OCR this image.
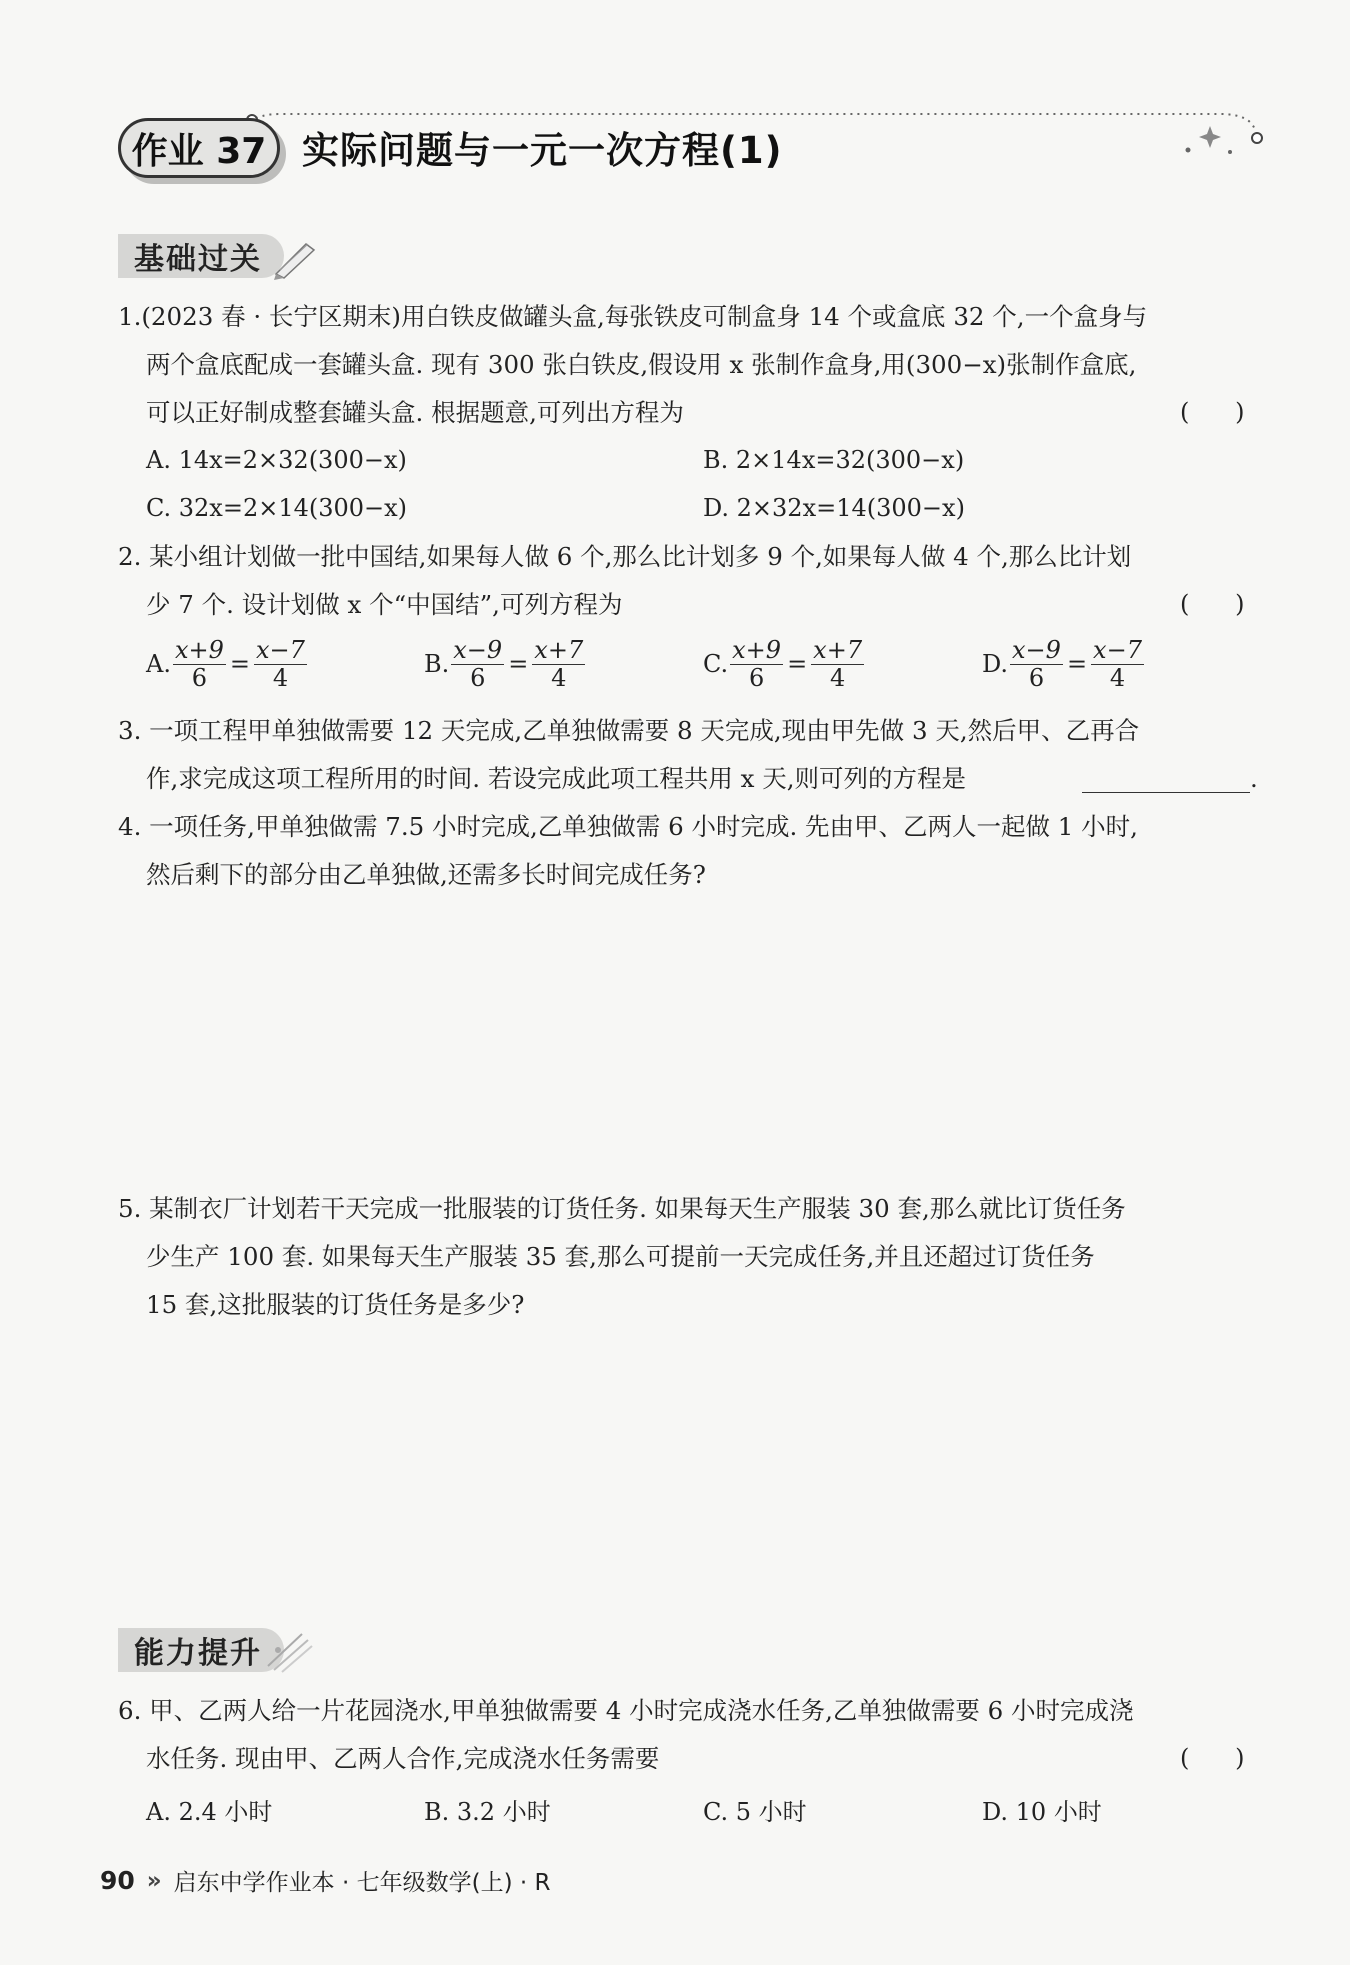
作业 37 实际问题与一元一次方程(1)
基础过关
1.(2023 春 · 长宁区期末)用白铁皮做罐头盒,每张铁皮可制盒身 14 个或盒底 32 个,一个盒身与
两个盒底配成一套罐头盒. 现有 300 张白铁皮,假设用 x 张制作盒身,用(300−x)张制作盒底,
可以正好制成整套罐头盒. 根据题意,可列出方程为	(      )
A. 14x=2×32(300−x)	B. 2×14x=32(300−x)
C. 32x=2×14(300−x)	D. 2×32x=14(300−x)
2. 某小组计划做一批中国结,如果每人做 6 个,那么比计划多 9 个,如果每人做 4 个,那么比计划
少 7 个. 设计划做 x 个“中国结”,可列方程为	(      )
A. $\frac{x+9}{6} = \frac{x-7}{4}$	B. $\frac{x-9}{6} = \frac{x+7}{4}$	C. $\frac{x+9}{6} = \frac{x+7}{4}$	D. $\frac{x-9}{6} = \frac{x-7}{4}$
3. 一项工程甲单独做需要 12 天完成,乙单独做需要 8 天完成,现由甲先做 3 天,然后甲、乙再合
作,求完成这项工程所用的时间. 若设完成此项工程共用 x 天,则可列的方程是	.
4. 一项任务,甲单独做需 7.5 小时完成,乙单独做需 6 小时完成. 先由甲、乙两人一起做 1 小时,
然后剩下的部分由乙单独做,还需多长时间完成任务?
5. 某制衣厂计划若干天完成一批服装的订货任务. 如果每天生产服装 30 套,那么就比订货任务
少生产 100 套. 如果每天生产服装 35 套,那么可提前一天完成任务,并且还超过订货任务
15 套,这批服装的订货任务是多少?
能力提升
6. 甲、乙两人给一片花园浇水,甲单独做需要 4 小时完成浇水任务,乙单独做需要 6 小时完成浇
水任务. 现由甲、乙两人合作,完成浇水任务需要	(      )
A. 2.4 小时	B. 3.2 小时	C. 5 小时	D. 10 小时
90 » 启东中学作业本 · 七年级数学(上) · R
